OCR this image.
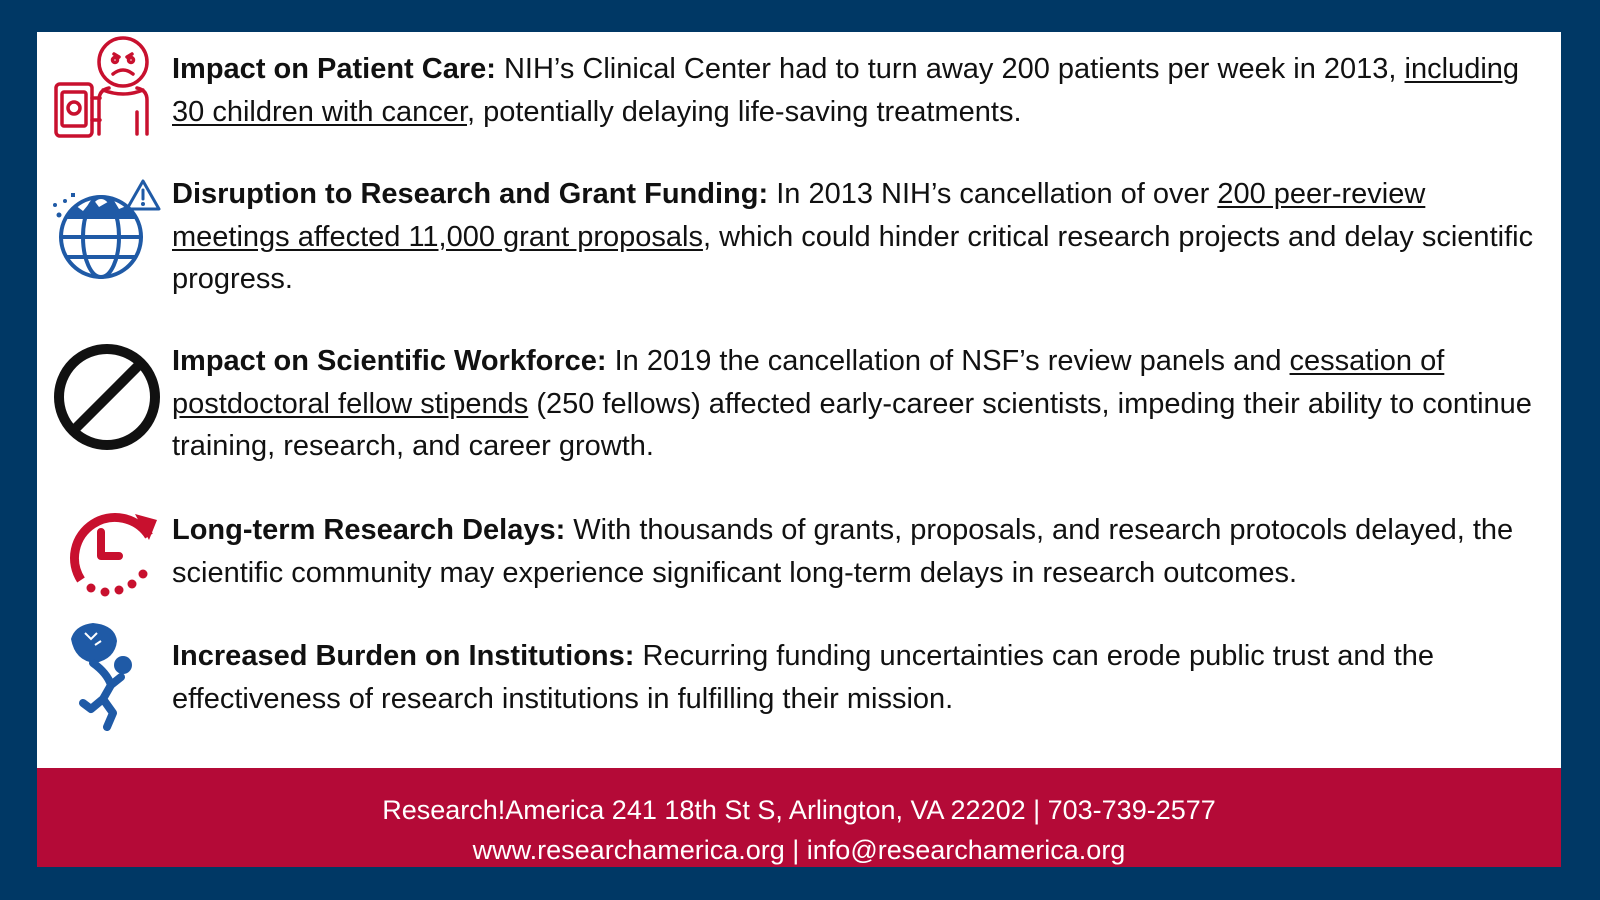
Impact on Patient Care: NIH’s Clinical Center had to turn away 200 patients per week in 2013, including 30 children with cancer, potentially delaying life-saving treatments.
Disruption to Research and Grant Funding: In 2013 NIH’s cancellation of over 200 peer-review meetings affected 11,000 grant proposals, which could hinder critical research projects and delay scientific progress.
Impact on Scientific Workforce: In 2019 the cancellation of NSF’s review panels and cessation of postdoctoral fellow stipends (250 fellows) affected early-career scientists, impeding their ability to continue training, research, and career growth.
Long-term Research Delays: With thousands of grants, proposals, and research protocols delayed, the scientific community may experience significant long-term delays in research outcomes.
Increased Burden on Institutions: Recurring funding uncertainties can erode public trust and the effectiveness of research institutions in fulfilling their mission.
Research!America 241 18th St S, Arlington, VA 22202 | 703-739-2577
www.researchamerica.org | info@researchamerica.org
